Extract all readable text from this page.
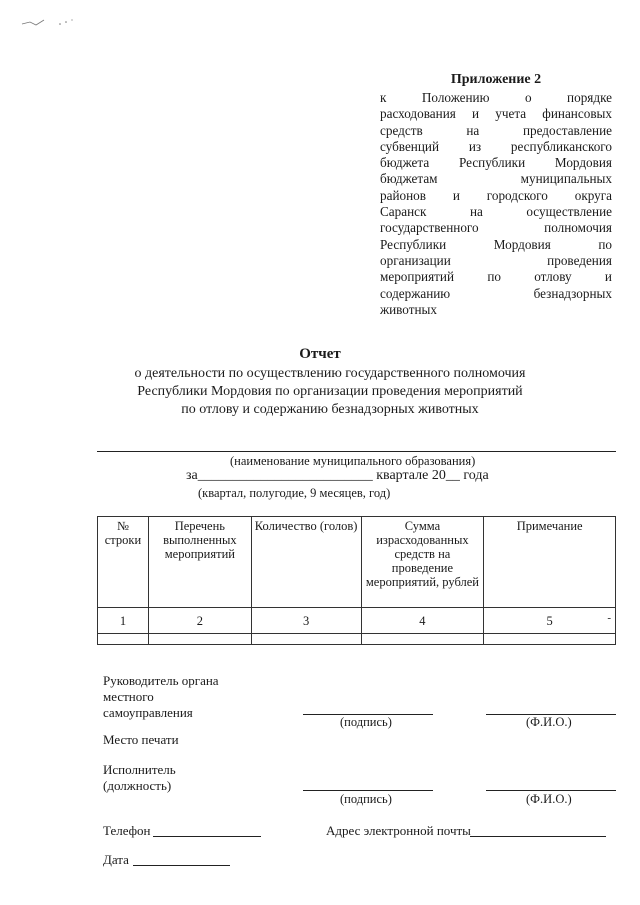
Приложение 2
к Положению о порядке
расходования и учета финансовых
средств на предоставление
субвенций из республиканского
бюджета Республики Мордовия
бюджетам муниципальных
районов и городского округа
Саранск на осуществление
государственного полномочия
Республики Мордовия по
организации проведения
мероприятий по отлову и
содержанию безнадзорных
животных
Отчет
о деятельности по осуществлению государственного полномочия
Республики Мордовия по организации проведения мероприятий
по отлову и содержанию безнадзорных животных
(наименование муниципального образования)
за_________________________ квартале 20__ года
(квартал, полугодие, 9 месяцев, год)
№ строки	Перечень выполненных мероприятий	Количество (голов)	Сумма израсходованных средств на проведение мероприятий, рублей	Примечание
1	2	3	4	5 -

Руководитель органа местного самоуправления
(подпись)	(Ф.И.О.)
Место печати
Исполнитель (должность)
(подпись)	(Ф.И.О.)
Телефон	Адрес электронной почты
Дата
